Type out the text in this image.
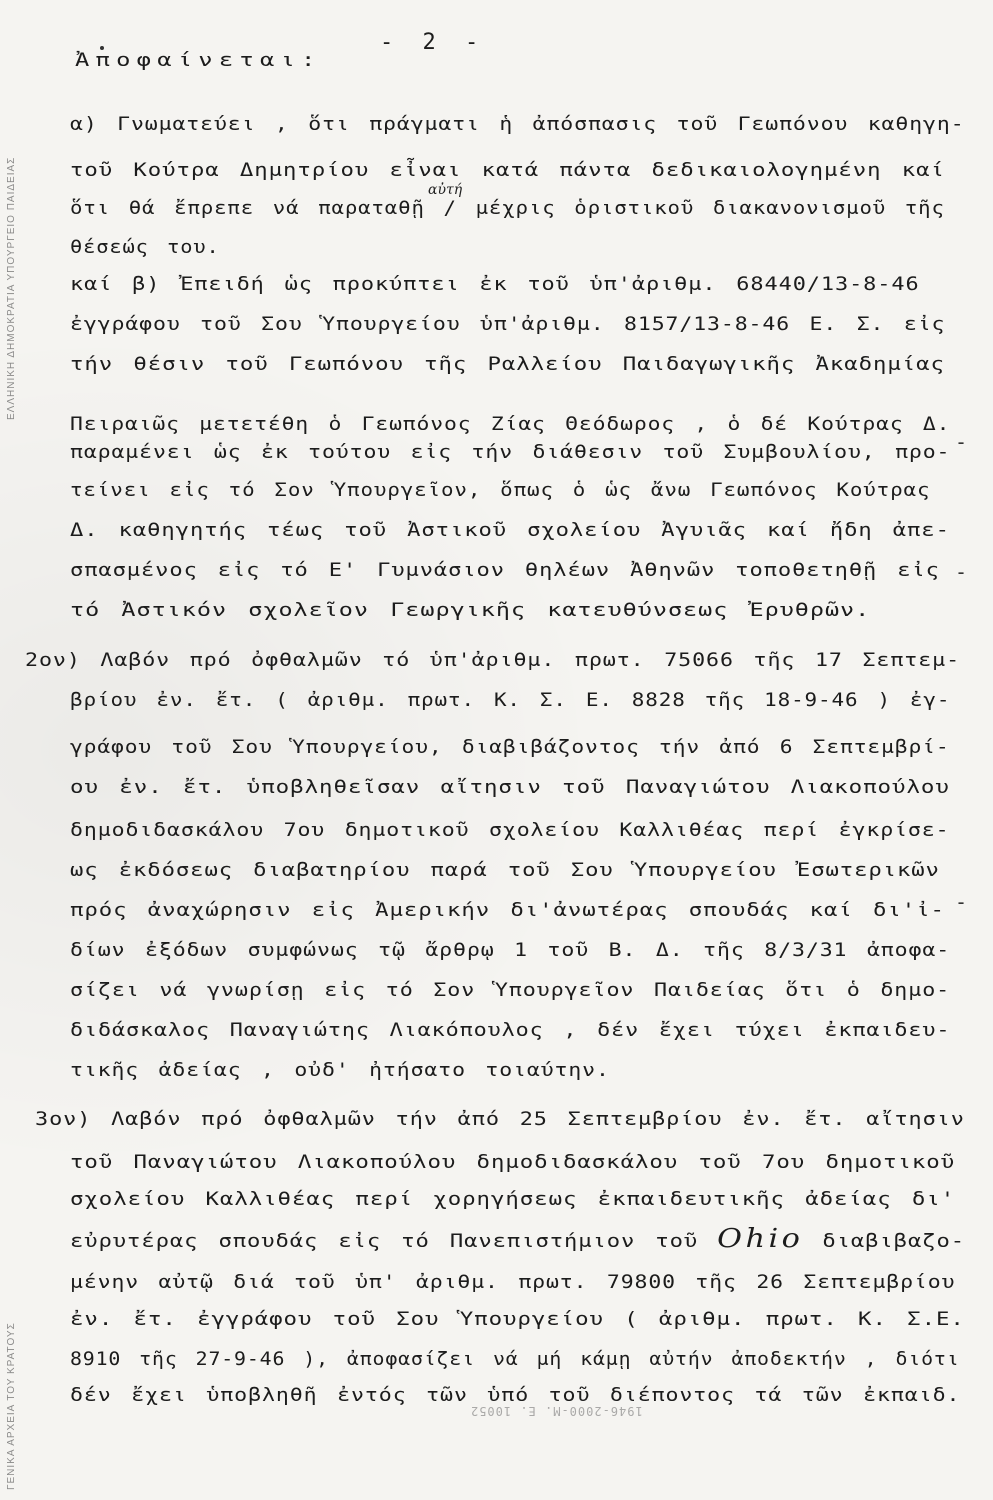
ΕΛΛΗΝΙΚΗ ΔΗΜΟΚΡΑΤΙΑ ΥΠΟΥΡΓΕΙΟ ΠΑΙΔΕΙΑΣ
ΓΕΝΙΚΑ ΑΡΧΕΙΑ ΤΟΥ ΚΡΑΤΟΥΣ
- 2 -
αὐτή
-
-
-
Ἀποφαίνεται:
α) Γνωματεύει , ὅτι πράγματι ἡ ἀπόσπασις τοῦ Γεωπόνου καθηγη-
τοῦ Κούτρα Δημητρίου εἶναι κατά πάντα δεδικαιολογημένη καί
ὅτι θά ἔπρεπε νά παραταθῇ / μέχρις ὁριστικοῦ διακανονισμοῦ τῆς
θέσεώς του.
καί β) Ἐπειδή ὡς προκύπτει ἐκ τοῦ ὑπ'ἀριθμ. 68440/13-8-46
ἐγγράφου τοῦ Σου Ὑπουργείου ὑπ'ἀριθμ. 8157/13-8-46 Ε. Σ. εἰς
τήν θέσιν τοῦ Γεωπόνου τῆς Ραλλείου Παιδαγωγικῆς Ἀκαδημίας
Πειραιῶς μετετέθη ὁ Γεωπόνος Ζίας Θεόδωρος , ὁ δέ Κούτρας Δ.
παραμένει ὡς ἐκ τούτου εἰς τήν διάθεσιν τοῦ Συμβουλίου, προ-
τείνει εἰς τό Σον Ὑπουργεῖον, ὅπως ὁ ὡς ἄνω Γεωπόνος Κούτρας
Δ. καθηγητής τέως τοῦ Ἀστικοῦ σχολείου Ἀγυιᾶς καί ἤδη ἀπε-
σπασμένος εἰς τό Ε' Γυμνάσιον θηλέων Ἀθηνῶν τοποθετηθῇ εἰς
τό Ἀστικόν σχολεῖον Γεωργικῆς κατευθύνσεως Ἐρυθρῶν.
2ον) Λαβόν πρό ὀφθαλμῶν τό ὑπ'ἀριθμ. πρωτ. 75066 τῆς 17 Σεπτεμ-
βρίου ἐν. ἔτ. ( ἀριθμ. πρωτ. Κ. Σ. Ε. 8828 τῆς 18-9-46 ) ἐγ-
γράφου τοῦ Σου Ὑπουργείου, διαβιβάζοντος τήν ἀπό 6 Σεπτεμβρί-
ου ἐν. ἔτ. ὑποβληθεῖσαν αἴτησιν τοῦ Παναγιώτου Λιακοπούλου
δημοδιδασκάλου 7ου δημοτικοῦ σχολείου Καλλιθέας περί ἐγκρίσε-
ως ἐκδόσεως διαβατηρίου παρά τοῦ Σου Ὑπουργείου Ἐσωτερικῶν
πρός ἀναχώρησιν εἰς Ἀμερικήν δι'ἀνωτέρας σπουδάς καί δι'ἰ-
δίων ἐξόδων συμφώνως τῷ ἄρθρῳ 1 τοῦ Β. Δ. τῆς 8/3/31 ἀποφα-
σίζει νά γνωρίσῃ εἰς τό Σον Ὑπουργεῖον Παιδείας ὅτι ὁ δημο-
διδάσκαλος Παναγιώτης Λιακόπουλος , δέν ἔχει τύχει ἐκπαιδευ-
τικῆς ἀδείας , οὐδ' ἠτήσατο τοιαύτην.
3ον) Λαβόν πρό ὀφθαλμῶν τήν ἀπό 25 Σεπτεμβρίου ἐν. ἔτ. αἴτησιν
τοῦ Παναγιώτου Λιακοπούλου δημοδιδασκάλου τοῦ 7ου δημοτικοῦ
σχολείου Καλλιθέας περί χορηγήσεως ἐκπαιδευτικῆς ἀδείας δι'
εὐρυτέρας σπουδάς εἰς τό Πανεπιστήμιον τοῦ Ohio διαβιβαζο-
μένην αὐτῷ διά τοῦ ὑπ' ἀριθμ. πρωτ. 79800 τῆς 26 Σεπτεμβρίου
ἐν. ἔτ. ἐγγράφου τοῦ Σου Ὑπουργείου ( ἀριθμ. πρωτ. Κ. Σ.Ε.
8910 τῆς 27-9-46 ), ἀποφασίζει νά μή κάμῃ αὐτήν ἀποδεκτήν , διότι
δέν ἔχει ὑποβληθῆ ἐντός τῶν ὑπό τοῦ διέποντος τά τῶν ἐκπαιδ.
1946-2000-Μ. Ε. 10052
